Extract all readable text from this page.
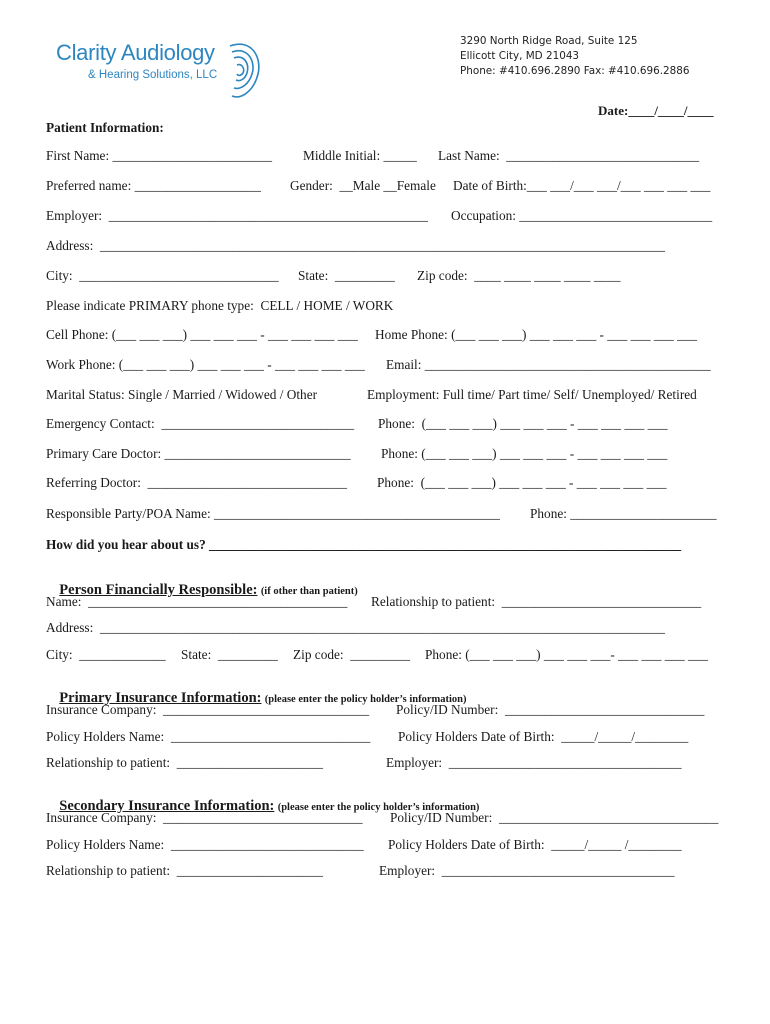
Clarity Audiology
& Hearing Solutions, LLC
3290 North Ridge Road, Suite 125
Ellicott City, MD 21043
Phone: #410.696.2890 Fax: #410.696.2886
Date:____/____/____
Patient Information:
First Name: ________________________ Middle Initial: _____ Last Name:  _____________________________
Preferred name: ___________________ Gender:  __Male __Female Date of Birth:___ ___/___ ___/___ ___ ___ ___
Employer:  ________________________________________________ Occupation: _____________________________
Address:  _____________________________________________________________________________________
City:  ______________________________ State:  _________ Zip code:  ____ ____ ____ ____ ____
Please indicate PRIMARY phone type:  CELL / HOME / WORK
Cell Phone: (___ ___ ___) ___ ___ ___ - ___ ___ ___ ___ Home Phone: (___ ___ ___) ___ ___ ___ - ___ ___ ___ ___
Work Phone: (___ ___ ___) ___ ___ ___ - ___ ___ ___ ___ Email: ___________________________________________
Marital Status: Single / Married / Widowed / Other	Employment: Full time/ Part time/ Self/ Unemployed/ Retired
Emergency Contact:  _____________________________ Phone:  (___ ___ ___) ___ ___ ___ - ___ ___ ___ ___
Primary Care Doctor: ____________________________ Phone: (___ ___ ___) ___ ___ ___ - ___ ___ ___ ___
Referring Doctor:  ______________________________ Phone:  (___ ___ ___) ___ ___ ___ - ___ ___ ___ ___
Responsible Party/POA Name: ___________________________________________ Phone: ______________________
How did you hear about us? _______________________________________________________________________

Person Financially Responsible: (if other than patient)

Name:  _______________________________________ Relationship to patient:  ______________________________
Address:  _____________________________________________________________________________________
City:  _____________ State:  _________ Zip code:  _________ Phone: (___ ___ ___) ___ ___ ___- ___ ___ ___ ___

Primary Insurance Information: (please enter the policy holder’s information)

Insurance Company:  _______________________________ Policy/ID Number:  ______________________________
Policy Holders Name:  ______________________________ Policy Holders Date of Birth:  _____/_____/________
Relationship to patient:  ______________________	Employer:  ___________________________________

Secondary Insurance Information: (please enter the policy holder’s information)

Insurance Company:  ______________________________ Policy/ID Number:  _________________________________
Policy Holders Name:  _____________________________ Policy Holders Date of Birth:  _____/_____ /________
Relationship to patient:  ______________________	Employer:  ___________________________________
